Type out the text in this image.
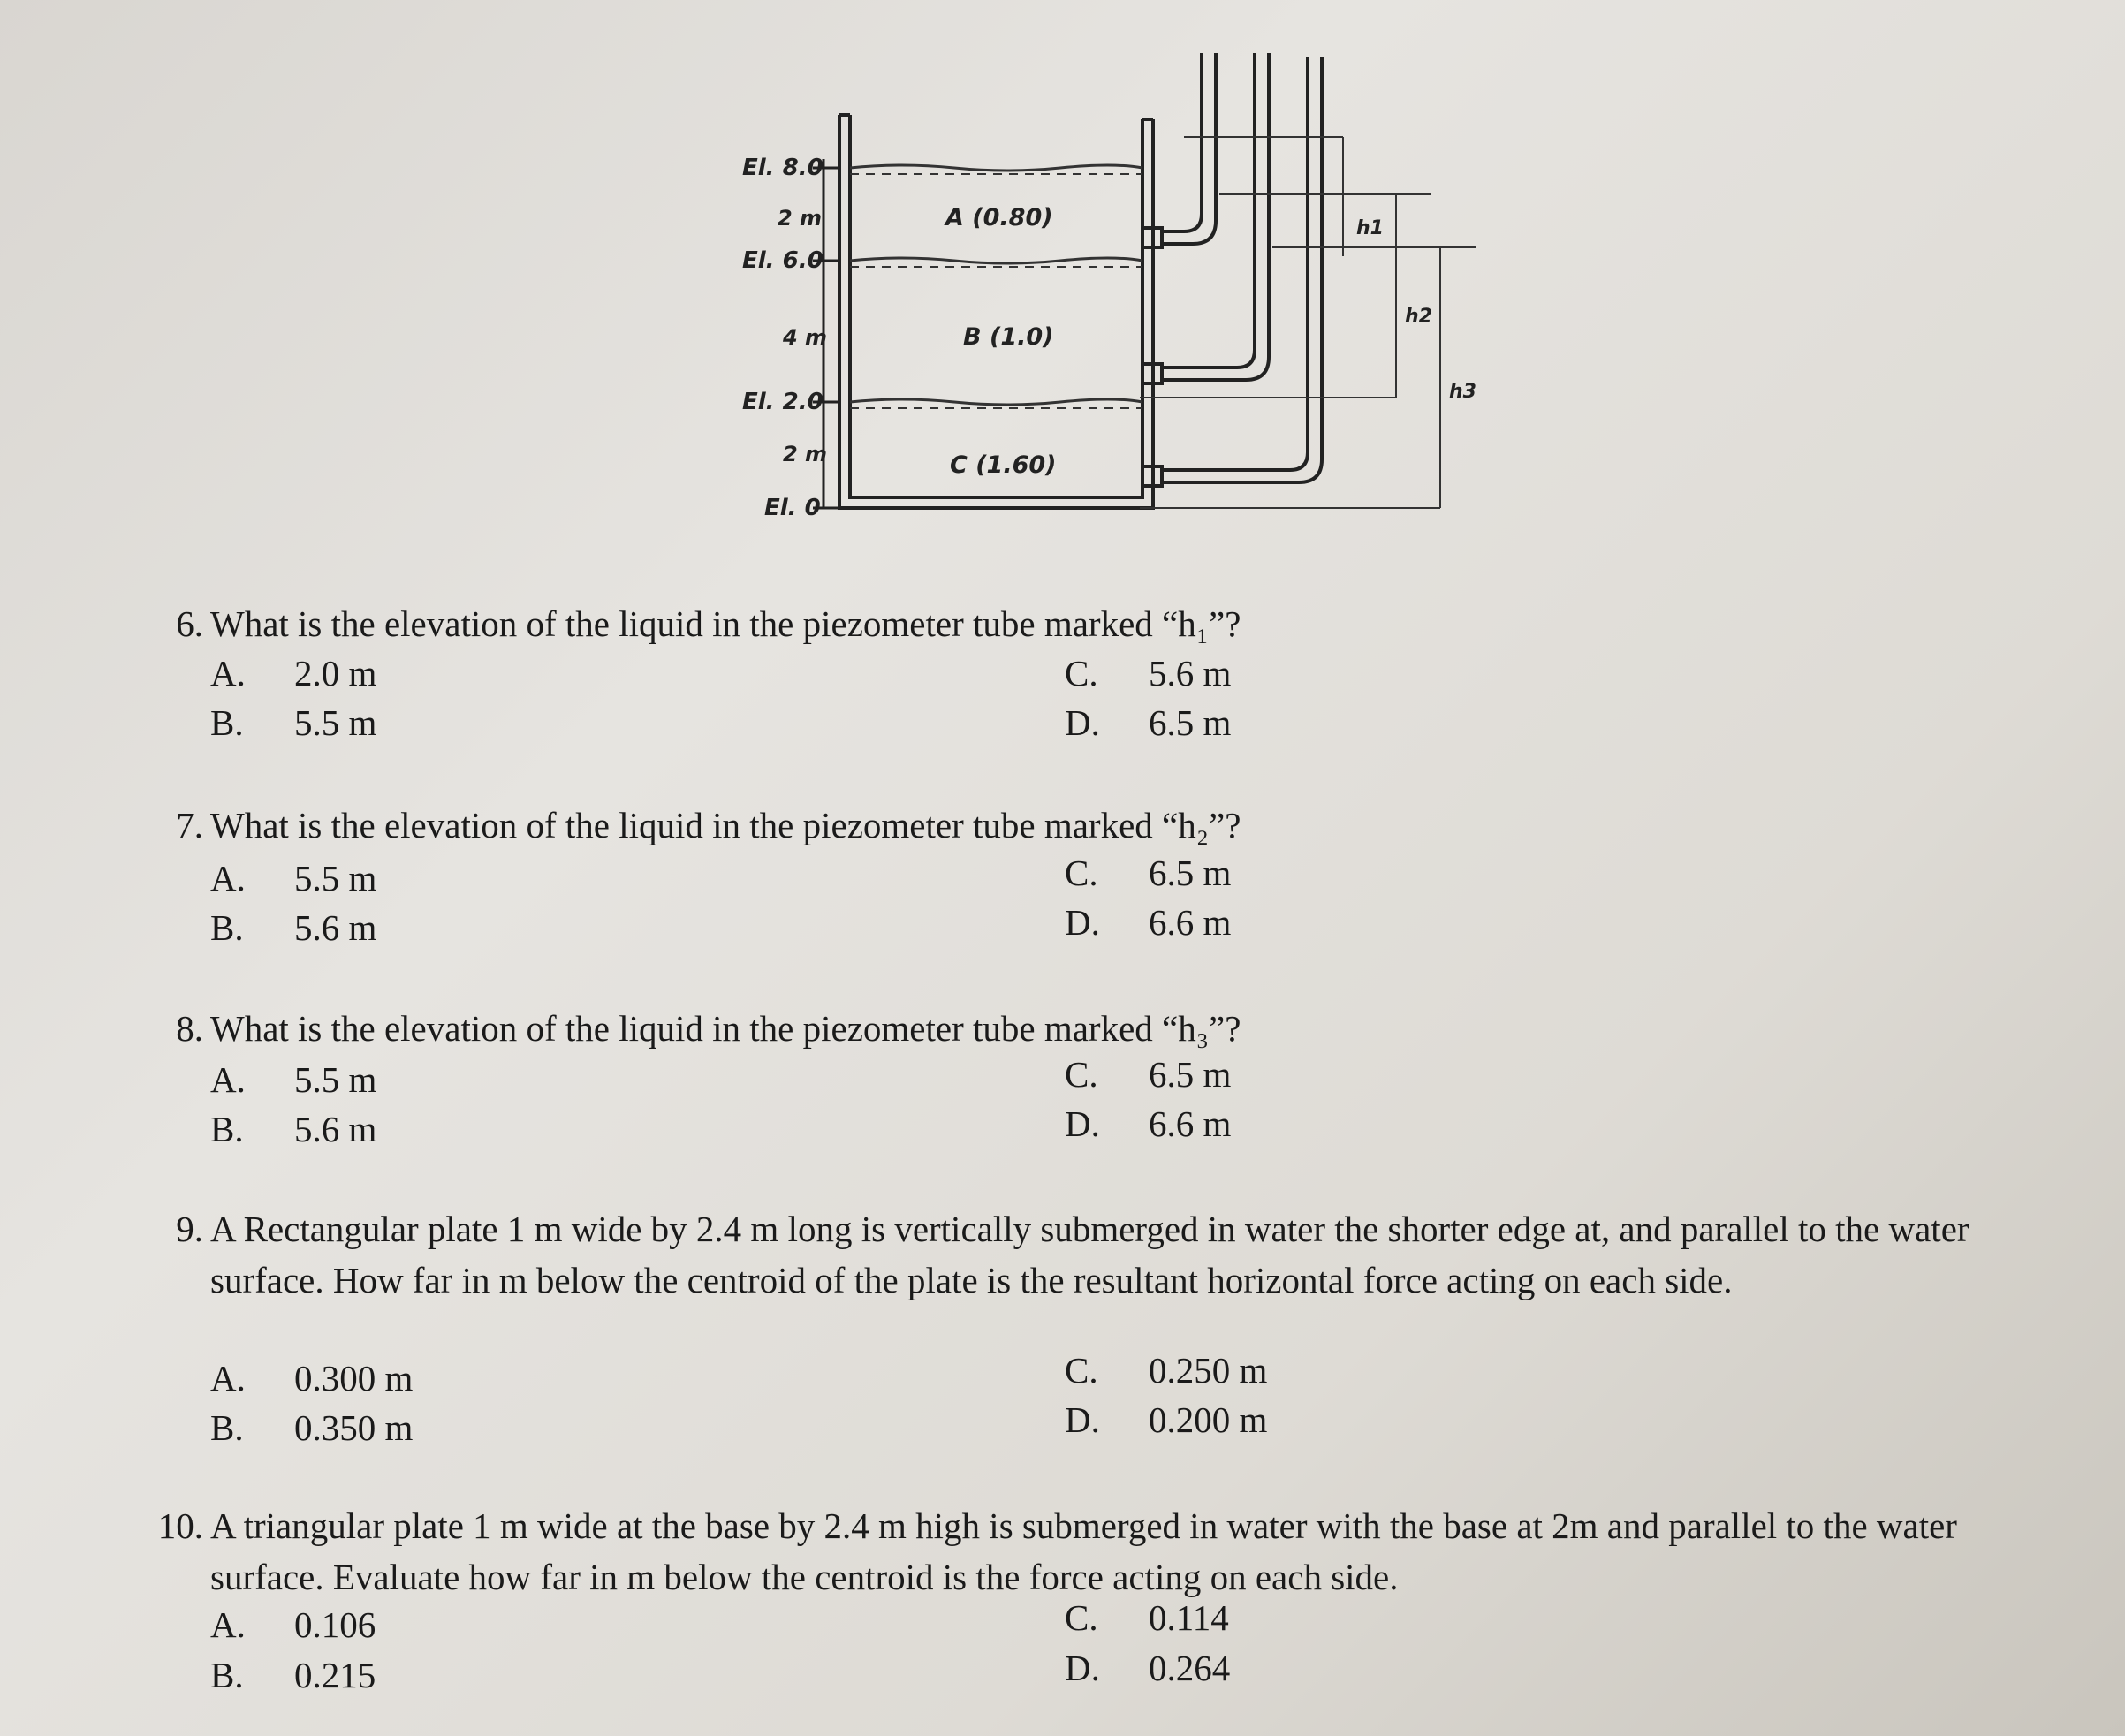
El. 8.0
El. 6.0
El. 2.0
El. 0
2 m
4 m
2 m
A (0.80)
B (1.0)
C (1.60)
h1
h2
h3
6. What is the elevation of the liquid in the piezometer tube marked “h₁”?
A. 2.0 m
B. 5.5 m
C. 5.6 m
D. 6.5 m
7. What is the elevation of the liquid in the piezometer tube marked “h₂”?
A. 5.5 m
B. 5.6 m
C. 6.5 m
D. 6.6 m
8. What is the elevation of the liquid in the piezometer tube marked “h₃”?
A. 5.5 m
B. 5.6 m
C. 6.5 m
D. 6.6 m
9. A Rectangular plate 1 m wide by 2.4 m long is vertically submerged in water the shorter edge at, and parallel to the water surface. How far in m below the centroid of the plate is the resultant horizontal force acting on each side.
A. 0.300 m
B. 0.350 m
C. 0.250 m
D. 0.200 m
10. A triangular plate 1 m wide at the base by 2.4 m high is submerged in water with the base at 2m and parallel to the water surface. Evaluate how far in m below the centroid is the force acting on each side.
A. 0.106
B. 0.215
C. 0.114
D. 0.264
